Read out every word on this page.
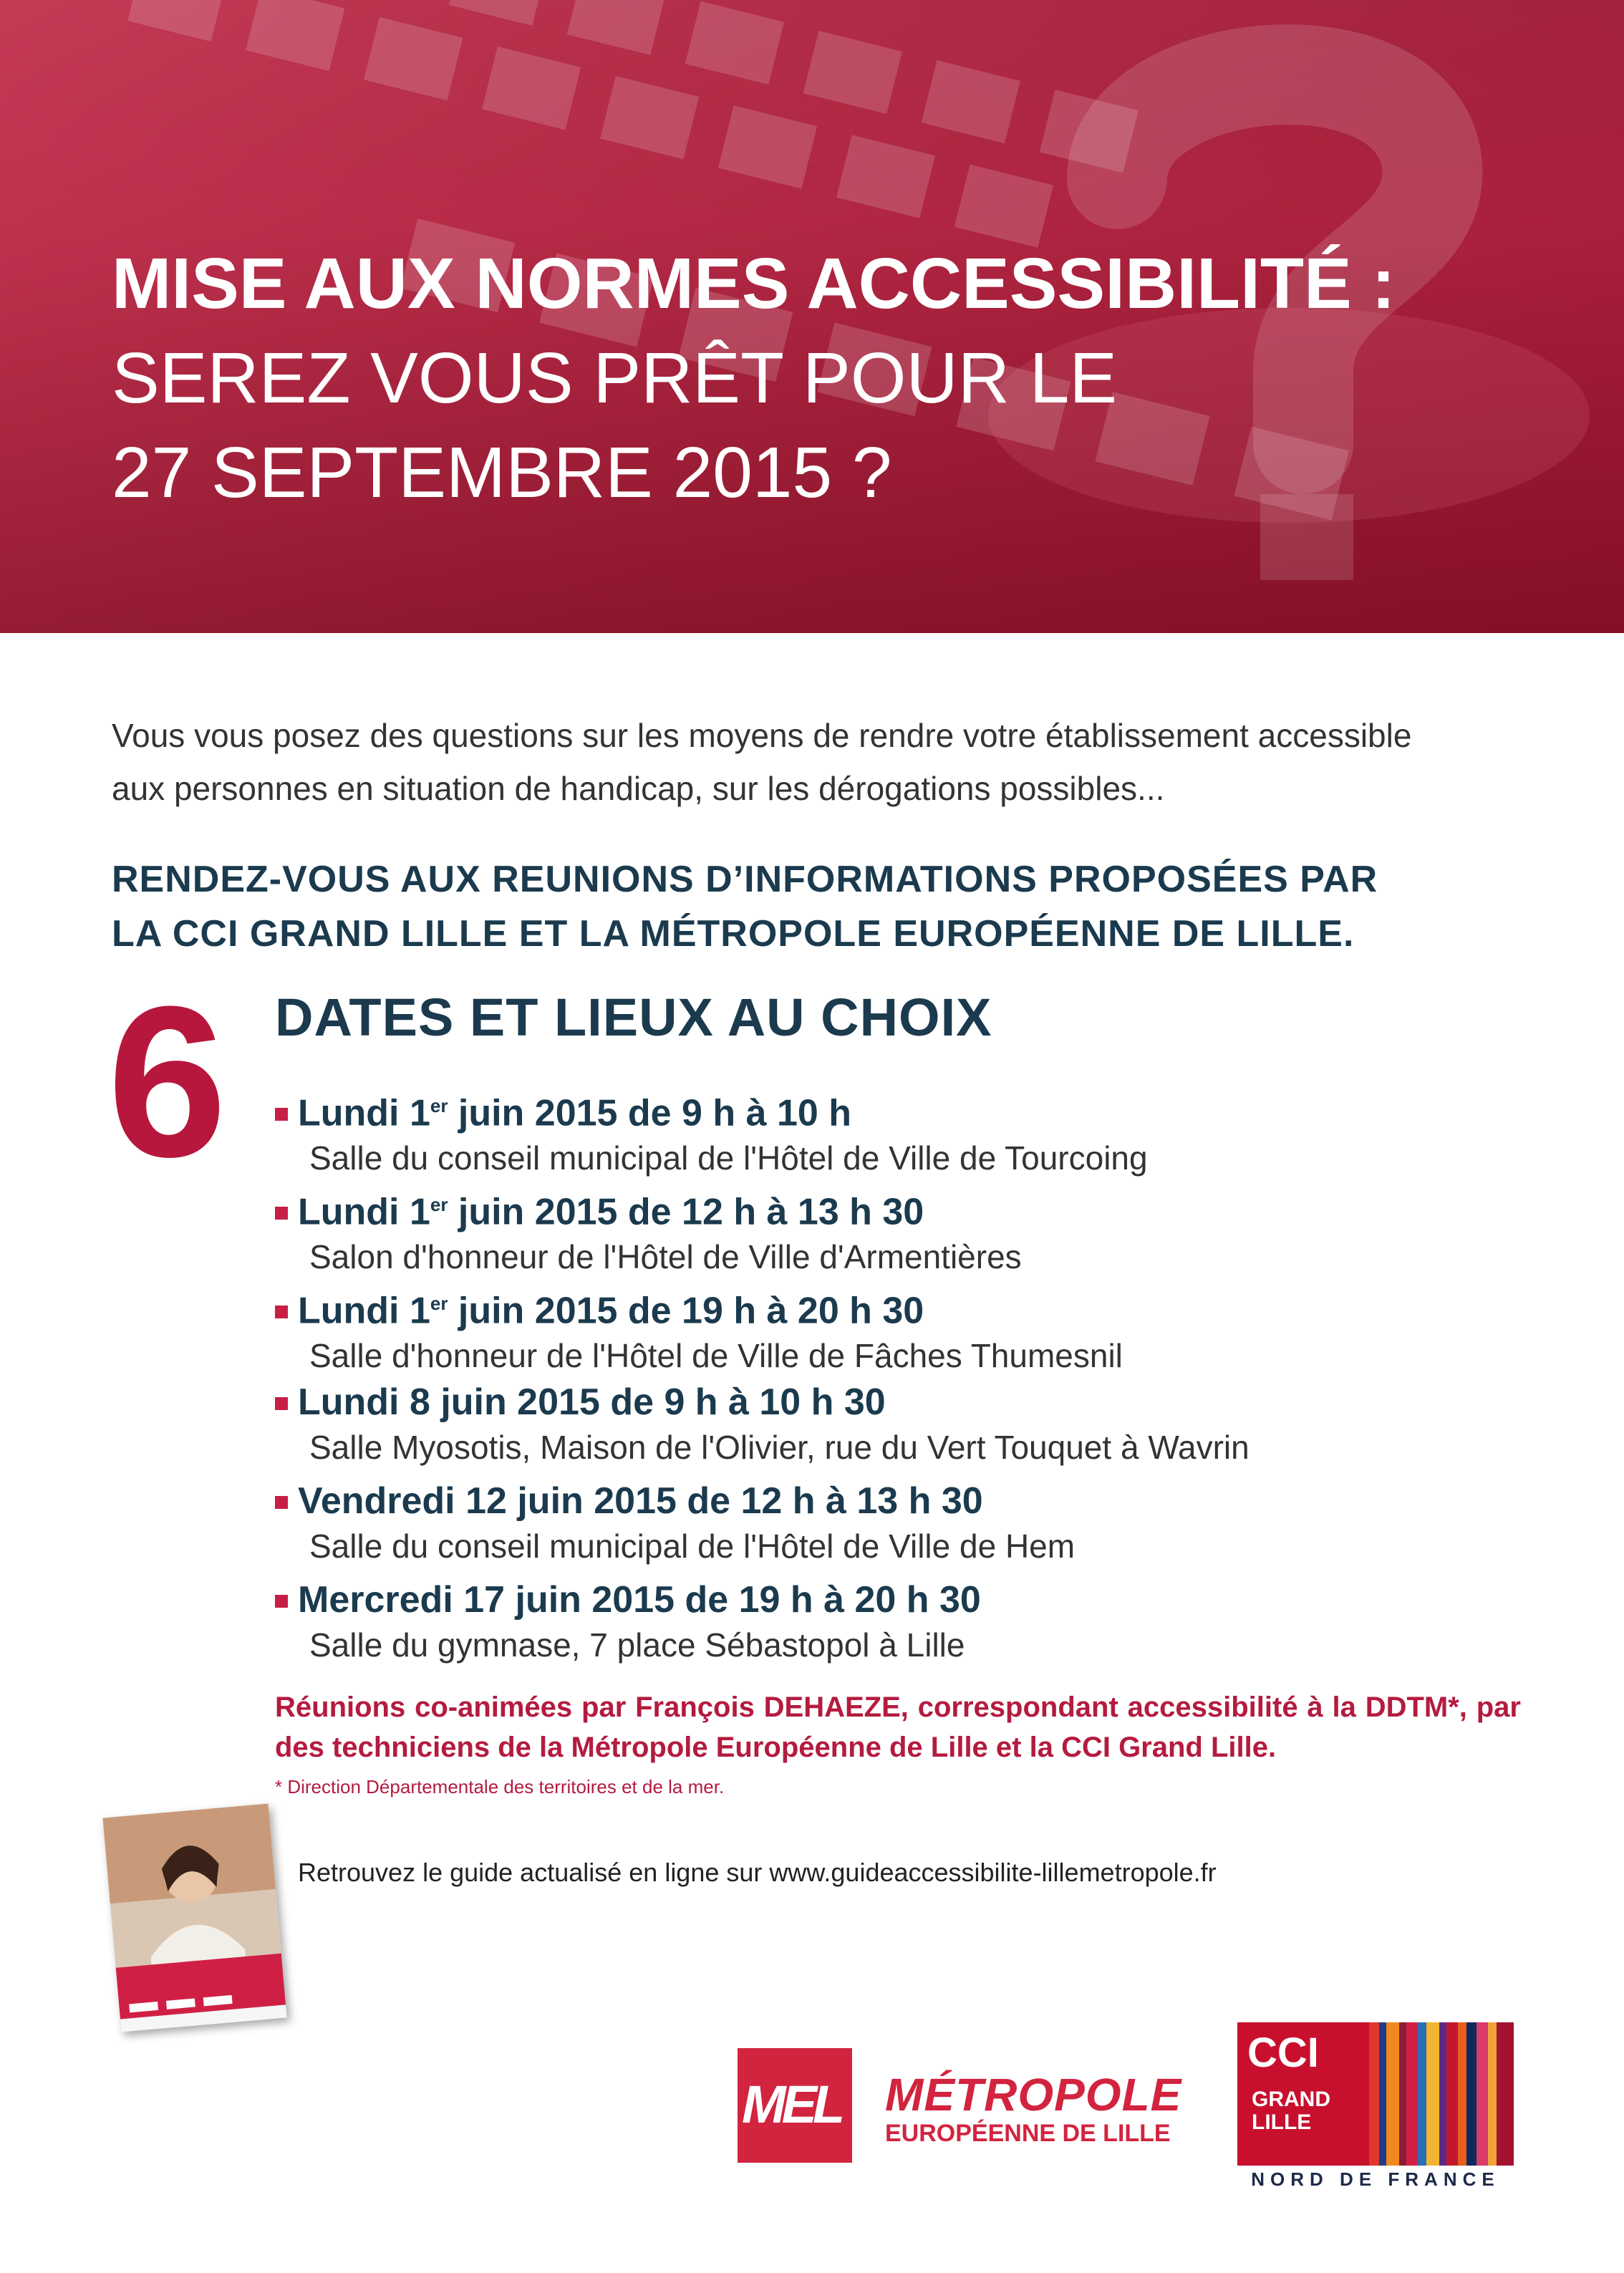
MISE AUX NORMES ACCESSIBILITÉ :
SEREZ VOUS PRÊT POUR LE
27 SEPTEMBRE 2015 ?
Vous vous posez des questions sur les moyens de rendre votre établissement accessible
aux personnes en situation de handicap, sur les dérogations possibles...
RENDEZ-VOUS AUX REUNIONS D’INFORMATIONS PROPOSÉES PAR
LA CCI GRAND LILLE ET LA MÉTROPOLE EUROPÉENNE DE LILLE.
6 DATES ET LIEUX AU CHOIX
Lundi 1er juin 2015 de 9 h à 10 h
Salle du conseil municipal de l'Hôtel de Ville de Tourcoing
Lundi 1er juin 2015 de 12 h à 13 h 30
Salon d'honneur de l'Hôtel de Ville d'Armentières
Lundi 1er juin 2015 de 19 h à 20 h 30
Salle d'honneur de l'Hôtel de Ville de Fâches Thumesnil
Lundi 8 juin 2015 de 9 h à 10 h 30
Salle Myosotis, Maison de l'Olivier, rue du Vert Touquet à Wavrin
Vendredi 12 juin 2015 de 12 h à 13 h 30
Salle du conseil municipal de l'Hôtel de Ville de Hem
Mercredi 17 juin 2015 de 19 h à 20 h 30
Salle du gymnase, 7 place Sébastopol à Lille
Réunions co-animées par François DEHAEZE, correspondant accessibilité à la DDTM*, par des techniciens de la Métropole Européenne de Lille et la CCI Grand Lille.
* Direction Départementale des territoires et de la mer.
Retrouvez le guide actualisé en ligne sur www.guideaccessibilite-lillemetropole.fr
MEL MÉTROPOLE
EUROPÉENNE DE LILLE
CCI
GRAND
LILLE
NORD DE FRANCE
